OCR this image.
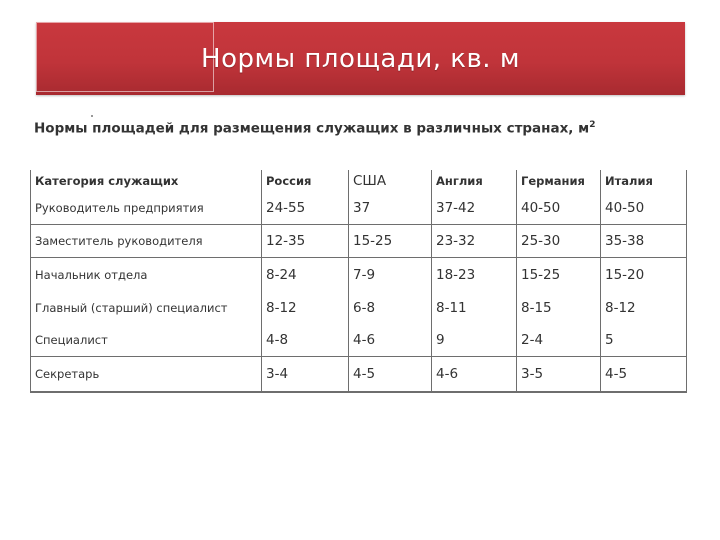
Нормы площади, кв. м
Нормы площадей для размещения служащих в различных странах, $м^2$
Категория служащих	Россия	США	Англия	Германия	Италия
Руководитель предприятия	24-55	37	37-42	40-50	40-50
Заместитель руководителя	12-35	15-25	23-32	25-30	35-38
Начальник отдела	8-24	7-9	18-23	15-25	15-20
Главный (старший) специалист	8-12	6-8	8-11	8-15	8-12
Специалист	4-8	4-6	9	2-4	5
Секретарь	3-4	4-5	4-6	3-5	4-5
